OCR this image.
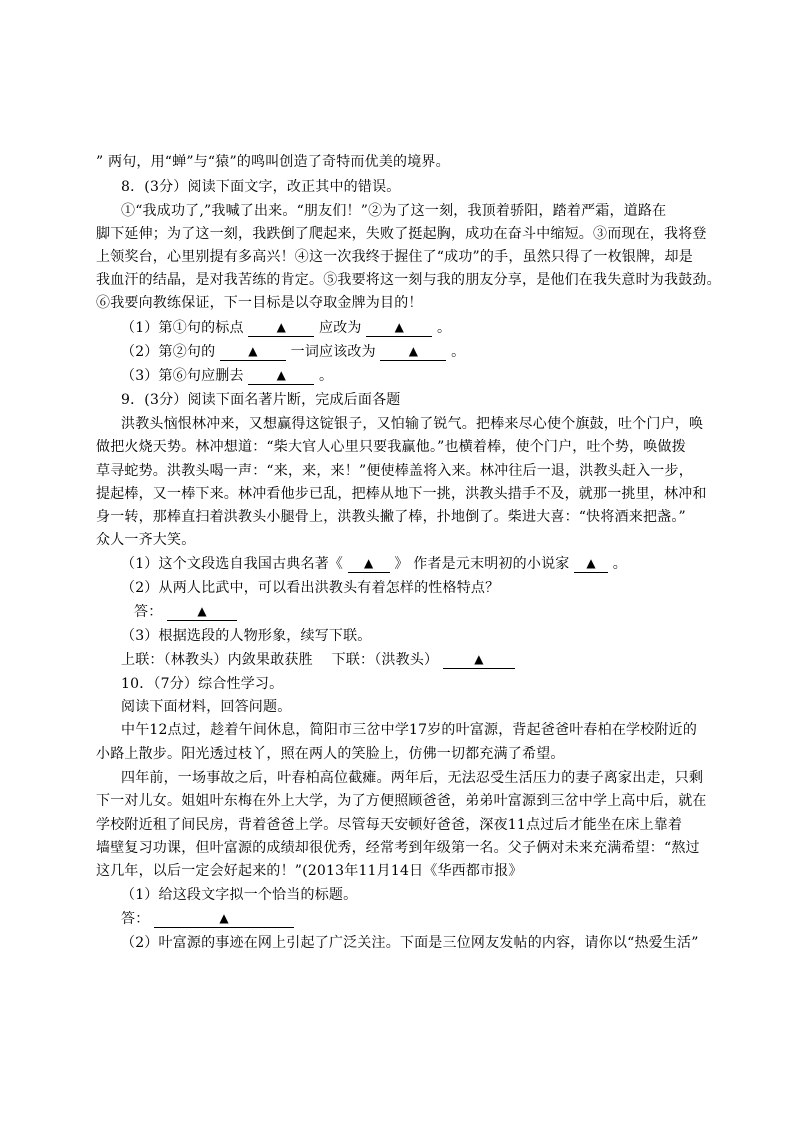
” 两句，用“蝉”与“猿”的鸣叫创造了奇特而优美的境界。
8．(3分）阅读下面文字，改正其中的错误。
①“我成功了,”我喊了出来。“朋友们！”②为了这一刻，我顶着骄阳，踏着严霜，道路在
脚下延伸；为了这一刻，我跌倒了爬起来，失败了挺起胸，成功在奋斗中缩短。③而现在，我将登
上领奖台，心里别提有多高兴！④这一次我终于握住了“成功”的手，虽然只得了一枚银牌，却是
我血汗的结晶，是对我苦练的肯定。⑤我要将这一刻与我的朋友分享，是他们在我失意时为我鼓劲。
⑥我要向教练保证，下一目标是以夺取金牌为目的！
（1）第①句的标点	▲ 应改为	▲ 。
（2）第②句的	▲ 一词应该改为	▲ 。
（3）第⑥句应删去	▲ 。
9．(3分）阅读下面名著片断，完成后面各题
洪教头恼恨林冲来，又想赢得这锭银子，又怕输了锐气。把棒来尽心使个旗鼓，吐个门户，唤
做把火烧天势。林冲想道：“柴大官人心里只要我赢他。”也横着棒，使个门户，吐个势，唤做拨
草寻蛇势。洪教头喝一声：“来，来，来！”便使棒盖将入来。林冲往后一退，洪教头赶入一步，
提起棒，又一棒下来。林冲看他步已乱，把棒从地下一挑，洪教头措手不及，就那一挑里，林冲和
身一转，那棒直扫着洪教头小腿骨上，洪教头撇了棒，扑地倒了。柴进大喜：“快将酒来把盏。”
众人一齐大笑。
（1）这个文段选自我国古典名著《 ▲ 》 作者是元末明初的小说家 ▲ 。
（2）从两人比武中，可以看出洪教头有着怎样的性格特点？
答：	▲
（3）根据选段的人物形象，续写下联。
上联：（林教头）内敛果敢获胜　 下联：（洪教头）	▲
10．（7分）综合性学习。
阅读下面材料，回答问题。
中午12点过，趁着午间休息，简阳市三岔中学17岁的叶富源，背起爸爸叶春柏在学校附近的
小路上散步。阳光透过枝丫，照在两人的笑脸上，仿佛一切都充满了希望。
四年前，一场事故之后，叶春柏高位截瘫。两年后，无法忍受生活压力的妻子离家出走，只剩
下一对儿女。姐姐叶东梅在外上大学，为了方便照顾爸爸，弟弟叶富源到三岔中学上高中后，就在
学校附近租了间民房，背着爸爸上学。尽管每天安顿好爸爸，深夜11点过后才能坐在床上靠着
墙壁复习功课，但叶富源的成绩却很优秀，经常考到年级第一名。父子俩对未来充满希望：“熬过
这几年，以后一定会好起来的！”(2013年11月14日《华西都市报》
（1）给这段文字拟一个恰当的标题。
答：	▲
（2）叶富源的事迹在网上引起了广泛关注。下面是三位网友发帖的内容，请你以“热爱生活”
